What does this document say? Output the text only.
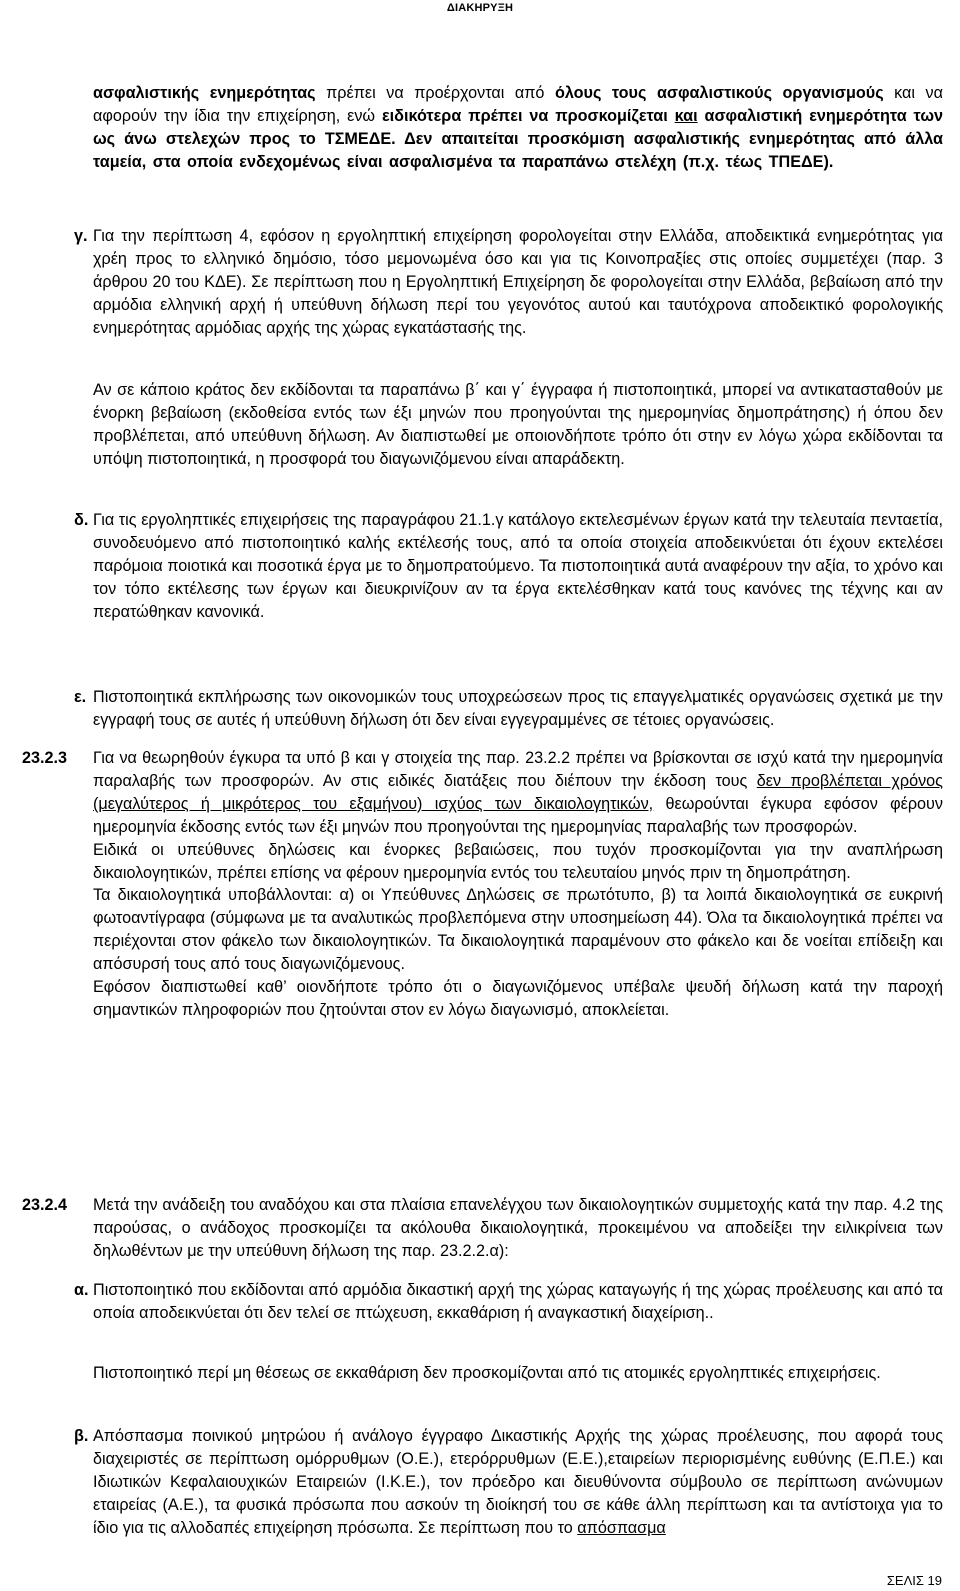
ΔΙΑΚΗΡΥΞΗ
ασφαλιστικής ενημερότητας πρέπει να προέρχονται από όλους τους ασφαλιστικούς οργανισμούς και να αφορούν την ίδια την επιχείρηση, ενώ ειδικότερα πρέπει να προσκομίζεται και ασφαλιστική ενημερότητα των ως άνω στελεχών προς το ΤΣΜΕΔΕ. Δεν απαιτείται προσκόμιση ασφαλιστικής ενημερότητας από άλλα ταμεία, στα οποία ενδεχομένως είναι ασφαλισμένα τα παραπάνω στελέχη (π.χ. τέως ΤΠΕΔΕ).
γ. Για την περίπτωση 4, εφόσον η εργοληπτική επιχείρηση φορολογείται στην Ελλάδα, αποδεικτικά ενημερότητας για χρέη προς το ελληνικό δημόσιο, τόσο μεμονωμένα όσο και για τις Κοινοπραξίες στις οποίες συμμετέχει (παρ. 3 άρθρου 20 του ΚΔΕ). Σε περίπτωση που η Εργοληπτική Επιχείρηση δε φορολογείται στην Ελλάδα, βεβαίωση από την αρμόδια ελληνική αρχή ή υπεύθυνη δήλωση περί του γεγονότος αυτού και ταυτόχρονα αποδεικτικό φορολογικής ενημερότητας αρμόδιας αρχής της χώρας εγκατάστασής της.
Αν σε κάποιο κράτος δεν εκδίδονται τα παραπάνω β΄ και γ΄ έγγραφα ή πιστοποιητικά, μπορεί να αντικατασταθούν με ένορκη βεβαίωση (εκδοθείσα εντός των έξι μηνών που προηγούνται της ημερομηνίας δημοπράτησης) ή όπου δεν προβλέπεται, από υπεύθυνη δήλωση. Αν διαπιστωθεί με οποιονδήποτε τρόπο ότι στην εν λόγω χώρα εκδίδονται τα υπόψη πιστοποιητικά, η προσφορά του διαγωνιζόμενου είναι απαράδεκτη.
δ. Για τις εργοληπτικές επιχειρήσεις της παραγράφου 21.1.γ κατάλογο εκτελεσμένων έργων κατά την τελευταία πενταετία, συνοδευόμενο από πιστοποιητικό καλής εκτέλεσής τους, από τα οποία στοιχεία αποδεικνύεται ότι έχουν εκτελέσει παρόμοια ποιοτικά και ποσοτικά έργα με το δημοπρατούμενο. Τα πιστοποιητικά αυτά αναφέρουν την αξία, το χρόνο και τον τόπο εκτέλεσης των έργων και διευκρινίζουν αν τα έργα εκτελέσθηκαν κατά τους κανόνες της τέχνης και αν περατώθηκαν κανονικά.
ε. Πιστοποιητικά εκπλήρωσης των οικονομικών τους υποχρεώσεων προς τις επαγγελματικές οργανώσεις σχετικά με την εγγραφή τους σε αυτές ή υπεύθυνη δήλωση ότι δεν είναι εγγεγραμμένες σε τέτοιες οργανώσεις.
23.2.3 Για να θεωρηθούν έγκυρα τα υπό β και γ στοιχεία της παρ. 23.2.2 πρέπει να βρίσκονται σε ισχύ κατά την ημερομηνία παραλαβής των προσφορών. Αν στις ειδικές διατάξεις που διέπουν την έκδοση τους δεν προβλέπεται χρόνος (μεγαλύτερος ή μικρότερος του εξαμήνου) ισχύος των δικαιολογητικών, θεωρούνται έγκυρα εφόσον φέρουν ημερομηνία έκδοσης εντός των έξι μηνών που προηγούνται της ημερομηνίας παραλαβής των προσφορών.
Ειδικά οι υπεύθυνες δηλώσεις και ένορκες βεβαιώσεις, που τυχόν προσκομίζονται για την αναπλήρωση δικαιολογητικών, πρέπει επίσης να φέρουν ημερομηνία εντός του τελευταίου μηνός πριν τη δημοπράτηση.
Τα δικαιολογητικά υποβάλλονται: α) οι Υπεύθυνες Δηλώσεις σε πρωτότυπο, β) τα λοιπά δικαιολογητικά σε ευκρινή φωτοαντίγραφα (σύμφωνα με τα αναλυτικώς προβλεπόμενα στην υποσημείωση 44). Όλα τα δικαιολογητικά πρέπει να περιέχονται στον φάκελο των δικαιολογητικών. Τα δικαιολογητικά παραμένουν στο φάκελο και δε νοείται επίδειξη και απόσυρσή τους από τους διαγωνιζόμενους.
Εφόσον διαπιστωθεί καθ’ οιονδήποτε τρόπο ότι ο διαγωνιζόμενος υπέβαλε ψευδή δήλωση κατά την παροχή σημαντικών πληροφοριών που ζητούνται στον εν λόγω διαγωνισμό, αποκλείεται.
23.2.4 Μετά την ανάδειξη του αναδόχου και στα πλαίσια επανελέγχου των δικαιολογητικών συμμετοχής κατά την παρ. 4.2 της παρούσας, ο ανάδοχος προσκομίζει τα ακόλουθα δικαιολογητικά, προκειμένου να αποδείξει την ειλικρίνεια των δηλωθέντων με την υπεύθυνη δήλωση της παρ. 23.2.2.α):
α. Πιστοποιητικό που εκδίδονται από αρμόδια δικαστική αρχή της χώρας καταγωγής ή της χώρας προέλευσης και από τα οποία αποδεικνύεται ότι δεν τελεί σε πτώχευση, εκκαθάριση ή αναγκαστική διαχείριση..
Πιστοποιητικό περί μη θέσεως σε εκκαθάριση δεν προσκομίζονται από τις ατομικές εργοληπτικές επιχειρήσεις.
β. Απόσπασμα ποινικού μητρώου ή ανάλογο έγγραφο Δικαστικής Αρχής της χώρας προέλευσης, που αφορά τους διαχειριστές σε περίπτωση ομόρρυθμων (Ο.Ε.), ετερόρρυθμων (Ε.Ε.),εταιρείων περιορισμένης ευθύνης (Ε.Π.Ε.) και Ιδιωτικών Κεφαλαιουχικών Εταιρειών (Ι.Κ.Ε.), τον πρόεδρο και διευθύνοντα σύμβουλο σε περίπτωση ανώνυμων εταιρείας (Α.Ε.), τα φυσικά πρόσωπα που ασκούν τη διοίκησή του σε κάθε άλλη περίπτωση και τα αντίστοιχα για το ίδιο για τις αλλοδαπές επιχείρηση πρόσωπα. Σε περίπτωση που το απόσπασμα
ΣΕΛΙΣ 19
